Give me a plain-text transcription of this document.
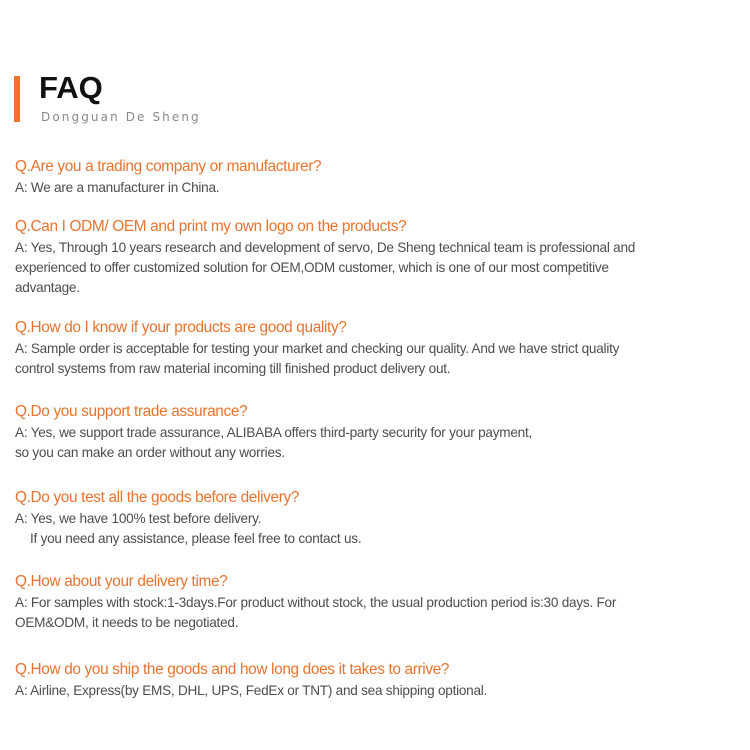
FAQ
Dongguan De Sheng
Q.Are you a trading company or manufacturer?
A: We are a manufacturer in China.
Q.Can I ODM/ OEM and print my own logo on the products?
A: Yes, Through 10 years research and development of servo, De Sheng technical team is professional and
experienced to offer customized solution for OEM,ODM customer, which is one of our most competitive
advantage.
Q.How do I know if your products are good quality?
A: Sample order is acceptable for testing your market and checking our quality. And we have strict quality
control systems from raw material incoming till finished product delivery out.
Q.Do you support trade assurance?
A: Yes, we support trade assurance, ALIBABA offers third-party security for your payment,
so you can make an order without any worries.
Q.Do you test all the goods before delivery?
A: Yes, we have 100% test before delivery.
If you need any assistance, please feel free to contact us.
Q.How about your delivery time?
A: For samples with stock:1-3days.For product without stock, the usual production period is:30 days. For
OEM&ODM, it needs to be negotiated.
Q.How do you ship the goods and how long does it takes to arrive?
A: Airline, Express(by EMS, DHL, UPS, FedEx or TNT) and sea shipping optional.
